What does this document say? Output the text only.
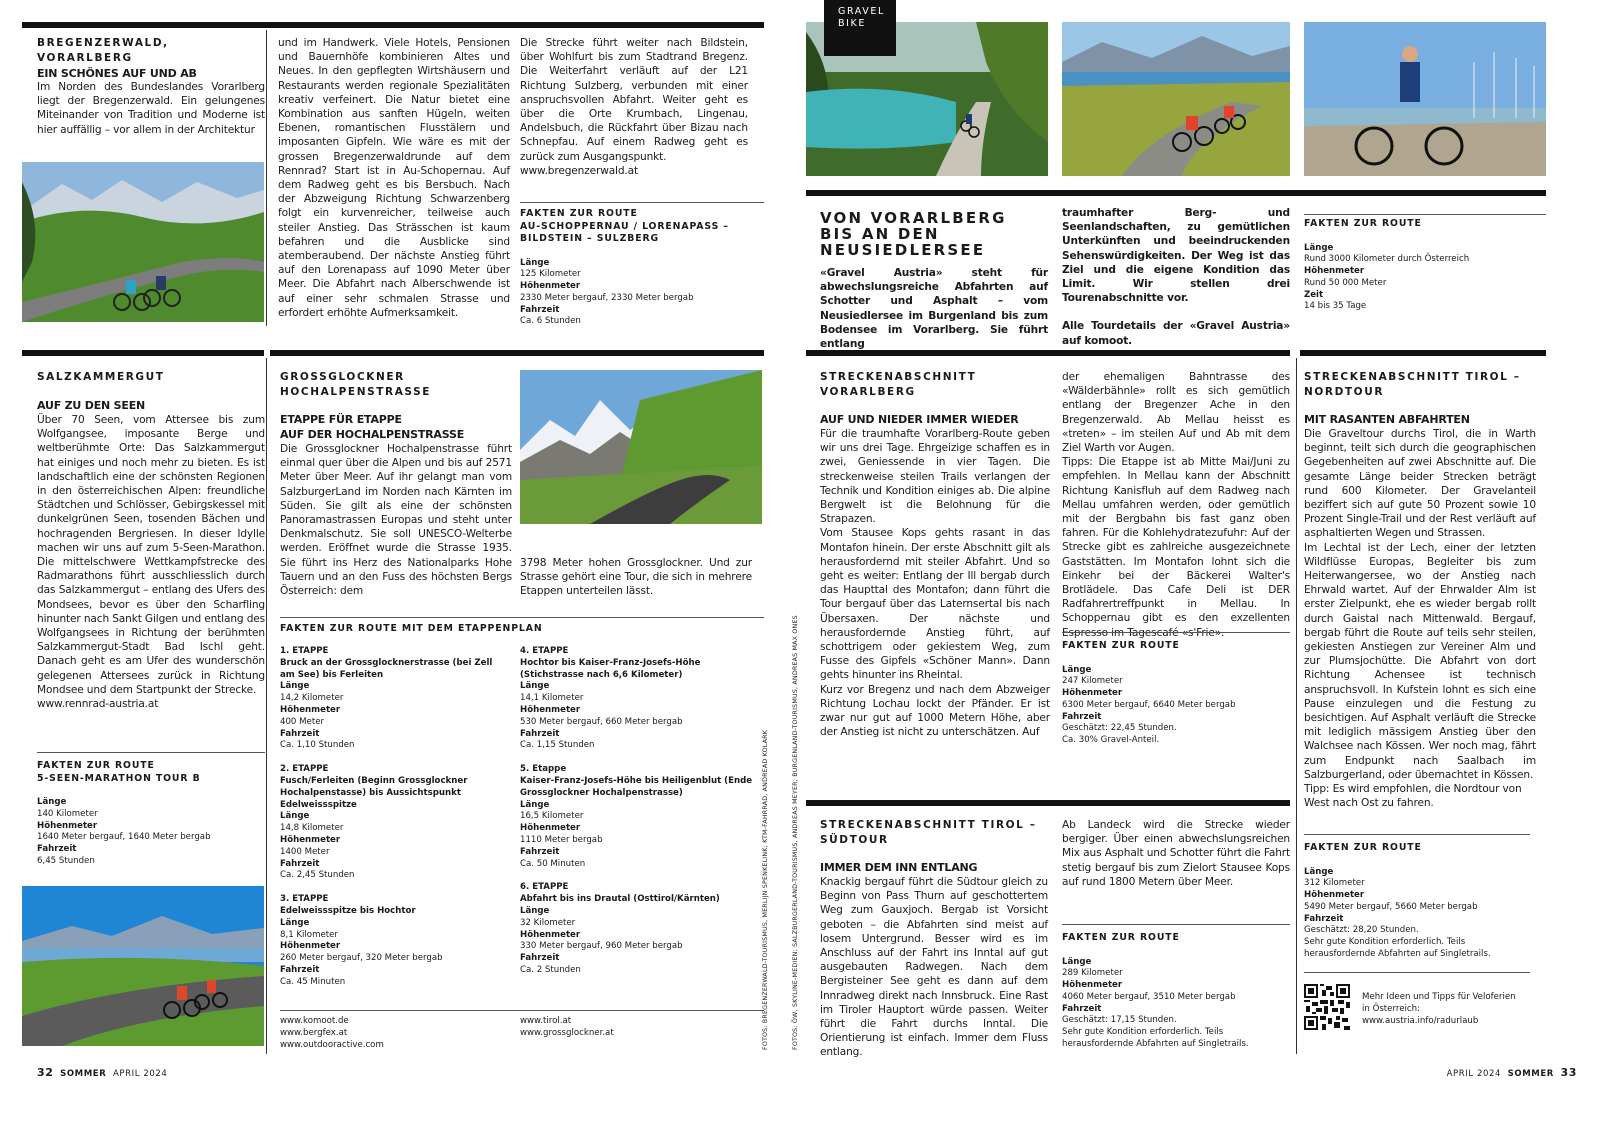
BREGENZERWALD, VORARLBERG
EIN SCHÖNES AUF UND AB
Im Norden des Bundeslandes Vorarlberg liegt der Bregenzerwald. Ein gelungenes Miteinander von Tradition und Moderne ist hier auffällig – vor allem in der Architektur
und im Handwerk. Viele Hotels, Pensionen und Bauernhöfe kombinieren Altes und Neues. In den gepflegten Wirtshäusern und Restaurants werden regionale Spezialitäten kreativ verfeinert. Die Natur bietet eine Kombination aus sanften Hügeln, weiten Ebenen, romantischen Flusstälern und imposanten Gipfeln. Wie wäre es mit der grossen Bregenzerwaldrunde auf dem Rennrad? Start ist in Au-Schopernau. Auf dem Radweg geht es bis Bersbuch. Nach der Abzweigung Richtung Schwarzenberg folgt ein kurvenreicher, teilweise auch steiler Anstieg. Das Strässchen ist kaum befahren und die Ausblicke sind atemberaubend. Der nächste Anstieg führt auf den Lorenapass auf 1090 Meter über Meer. Die Abfahrt nach Alberschwende ist auf einer sehr schmalen Strasse und erfordert erhöhte Aufmerksamkeit.
Die Strecke führt weiter nach Bildstein, über Wohlfurt bis zum Stadtrand Bregenz. Die Weiterfahrt verläuft auf der L21 Richtung Sulzberg, verbunden mit einer anspruchsvollen Abfahrt. Weiter geht es über die Orte Krumbach, Lingenau, Andelsbuch, die Rückfahrt über Bizau nach Schnepfau. Auf einem Radweg geht es zurück zum Ausgangspunkt.
www.bregenzerwald.at
FAKTEN ZUR ROUTE
AU-SCHOPPERNAU / LORENAPASS –
BILDSTEIN – SULZBERG
Länge
125 Kilometer
Höhenmeter
2330 Meter bergauf, 2330 Meter bergab
Fahrzeit
Ca. 6 Stunden
SALZKAMMERGUT
AUF ZU DEN SEEN
Über 70 Seen, vom Attersee bis zum Wolfgangsee, imposante Berge und weltberühmte Orte: Das Salzkammergut hat einiges und noch mehr zu bieten. Es ist landschaftlich eine der schönsten Regionen in den österreichischen Alpen: freundliche Städtchen und Schlösser, Gebirgskessel mit dunkelgrünen Seen, tosenden Bächen und hochragenden Bergriesen. In dieser Idylle machen wir uns auf zum 5-Seen-Marathon. Die mittelschwere Wettkampfstrecke des Radmarathons führt ausschliesslich durch das Salzkammergut – entlang des Ufers des Mondsees, bevor es über den Scharfling hinunter nach Sankt Gilgen und entlang des Wolfgangsees in Richtung der berühmten Salzkammergut-Stadt Bad Ischl geht. Danach geht es am Ufer des wunderschön gelegenen Attersees zurück in Richtung Mondsee und dem Startpunkt der Strecke.
www.rennrad-austria.at
FAKTEN ZUR ROUTE
5-SEEN-MARATHON TOUR B
Länge
140 Kilometer
Höhenmeter
1640 Meter bergauf, 1640 Meter bergab
Fahrzeit
6,45 Stunden
GROSSGLOCKNER
HOCHALPENSTRASSE
ETAPPE FÜR ETAPPE
AUF DER HOCHALPENSTRASSE
Die Grossglockner Hochalpenstrasse führt einmal quer über die Alpen und bis auf 2571 Meter über Meer. Auf ihr gelangt man vom SalzburgerLand im Norden nach Kärnten im Süden. Sie gilt als eine der schönsten Panoramastrassen Europas und steht unter Denkmalschutz. Sie soll UNESCO-Welterbe werden. Eröffnet wurde die Strasse 1935. Sie führt ins Herz des Nationalparks Hohe Tauern und an den Fuss des höchsten Bergs Österreich: dem
3798 Meter hohen Grossglockner. Und zur Strasse gehört eine Tour, die sich in mehrere Etappen unterteilen lässt.
FAKTEN ZUR ROUTE MIT DEM ETAPPENPLAN
1. ETAPPE
Bruck an der Grossglocknerstrasse (bei Zell am See) bis Ferleiten
Länge
14,2 Kilometer
Höhenmeter
400 Meter
Fahrzeit
Ca. 1,10 Stunden
2. ETAPPE
Fusch/Ferleiten (Beginn Grossglockner Hochalpenstasse) bis Aussichtspunkt Edelweissspitze
Länge
14,8 Kilometer
Höhenmeter
1400 Meter
Fahrzeit
Ca. 2,45 Stunden
3. ETAPPE
Edelweissspitze bis Hochtor
Länge
8,1 Kilometer
Höhenmeter
260 Meter bergauf, 320 Meter bergab
Fahrzeit
Ca. 45 Minuten
4. ETAPPE
Hochtor bis Kaiser-Franz-Josefs-Höhe (Stichstrasse nach 6,6 Kilometer)
Länge
14,1 Kilometer
Höhenmeter
530 Meter bergauf, 660 Meter bergab
Fahrzeit
Ca. 1,15 Stunden
5. Etappe
Kaiser-Franz-Josefs-Höhe bis Heiligenblut (Ende Grossglockner Hochalpenstrasse)
Länge
16,5 Kilometer
Höhenmeter
1110 Meter bergab
Fahrzeit
Ca. 50 Minuten
6. ETAPPE
Abfahrt bis ins Drautal (Osttirol/Kärnten)
Länge
32 Kilometer
Höhenmeter
330 Meter bergauf, 960 Meter bergab
Fahrzeit
Ca. 2 Stunden
www.komoot.de
www.bergfex.at
www.outdooractive.com
www.tirol.at
www.grossglockner.at	FOTOS: BREGENZERWALD-TOURISMUS, MERLIJN SPENKELINK; KTM-FAHRRAD, ANDREAD KOLARK
32 SOMMER APRIL 2024
GRAVEL
BIKE
VON VORARLBERG
BIS AN DEN
NEUSIEDLERSEE
«Gravel Austria» steht für abwechslungsreiche Abfahrten auf Schotter und Asphalt – vom Neusiedlersee im Burgenland bis zum Bodensee im Vorarlberg. Sie führt entlang
traumhafter Berg- und Seenlandschaften, zu gemütlichen Unterkünften und beeindruckenden Sehenswürdigkeiten. Der Weg ist das Ziel und die eigene Kondition das Limit. Wir stellen drei Tourenabschnitte vor.
Alle Tourdetails der «Gravel Austria» auf komoot.
FAKTEN ZUR ROUTE
Länge
Rund 3000 Kilometer durch Österreich
Höhenmeter
Rund 50 000 Meter
Zeit
14 bis 35 Tage
STRECKENABSCHNITT
VORARLBERG
AUF UND NIEDER IMMER WIEDER
Für die traumhafte Vorarlberg-Route geben wir uns drei Tage. Ehrgeizige schaffen es in zwei, Geniessende in vier Tagen. Die streckenweise steilen Trails verlangen der Technik und Kondition einiges ab. Die alpine Bergwelt ist die Belohnung für die Strapazen.
Vom Stausee Kops gehts rasant in das Montafon hinein. Der erste Abschnitt gilt als herausfordernd mit steiler Abfahrt. Und so geht es weiter: Entlang der Ill bergab durch das Haupttal des Montafon; dann führt die Tour bergauf über das Laternsertal bis nach Übersaxen. Der nächste und herausfordernde Anstieg führt, auf schottrigem oder gekiestem Weg, zum Fusse des Gipfels «Schöner Mann». Dann gehts hinunter ins Rheintal.
Kurz vor Bregenz und nach dem Abzweiger Richtung Lochau lockt der Pfänder. Er ist zwar nur gut auf 1000 Metern Höhe, aber der Anstieg ist nicht zu unterschätzen. Auf
der ehemaligen Bahntrasse des «Wälderbähnle» rollt es sich gemütlich entlang der Bregenzer Ache in den Bregenzerwald. Ab Mellau heisst es «treten» – im steilen Auf und Ab mit dem Ziel Warth vor Augen.
Tipps: Die Etappe ist ab Mitte Mai/Juni zu empfehlen. In Mellau kann der Abschnitt Richtung Kanisfluh auf dem Radweg nach Mellau umfahren werden, oder gemütlich mit der Bergbahn bis fast ganz oben fahren. Für die Kohlehydratezufuhr: Auf der Strecke gibt es zahlreiche ausgezeichnete Gaststätten. Im Montafon lohnt sich die Einkehr bei der Bäckerei Walter's Brotlädele. Das Cafe Deli ist DER Radfahrertreffpunkt in Mellau. In Schoppernau gibt es den exzellenten
FAKTEN ZUR ROUTE
Länge
247 Kilometer
Höhenmeter
6300 Meter bergauf, 6640 Meter bergab
Fahrzeit
Geschätzt: 22,45 Stunden.
Ca. 30% Gravel-Anteil.
STRECKENABSCHNITT TIROL –
SÜDTOUR
IMMER DEM INN ENTLANG
Knackig bergauf führt die Südtour gleich zu Beginn von Pass Thurn auf geschottertem Weg zum Gauxjoch. Bergab ist Vorsicht geboten – die Abfahrten sind meist auf losem Untergrund. Besser wird es im Anschluss auf der Fahrt ins Inntal auf gut ausgebauten Radwegen. Nach dem Bergisteiner See geht es dann auf dem Innradweg direkt nach Innsbruck. Eine Rast im Tiroler Hauptort würde passen. Weiter führt die Fahrt durchs Inntal. Die Orientierung ist einfach. Immer dem Fluss entlang.
Ab Landeck wird die Strecke wieder bergiger. Über einen abwechslungsreichen Mix aus Asphalt und Schotter führt die Fahrt stetig bergauf bis zum Zielort Stausee Kops auf rund 1800 Metern über Meer.
FAKTEN ZUR ROUTE
Länge
289 Kilometer
Höhenmeter
4060 Meter bergauf, 3510 Meter bergab
Fahrzeit
Geschätzt: 17,15 Stunden.
Sehr gute Kondition erforderlich. Teils herausfordernde Abfahrten auf Singletrails.
STRECKENABSCHNITT TIROL –
NORDTOUR
MIT RASANTEN ABFAHRTEN
Die Graveltour durchs Tirol, die in Warth beginnt, teilt sich durch die geographischen Gegebenheiten auf zwei Abschnitte auf. Die gesamte Länge beider Strecken beträgt rund 600 Kilometer. Der Gravelanteil beziffert sich auf gute 50 Prozent sowie 10 Prozent Single-Trail und der Rest verläuft auf asphaltierten Wegen und Strassen.
Im Lechtal ist der Lech, einer der letzten Wildflüsse Europas, Begleiter bis zum Heiterwangersee, wo der Anstieg nach Ehrwald wartet. Auf der Ehrwalder Alm ist erster Zielpunkt, ehe es wieder bergab rollt durch Gaistal nach Mittenwald. Bergauf, bergab führt die Route auf teils sehr steilen, gekiesten Anstiegen zur Vereiner Alm und zur Plumsjochütte. Die Abfahrt von dort Richtung Achensee ist technisch anspruchsvoll. In Kufstein lohnt es sich eine Pause einzulegen und die Festung zu besichtigen. Auf Asphalt verläuft die Strecke mit lediglich mässigem Anstieg über den Walchsee nach Kössen. Wer noch mag, fährt zum Endpunkt nach Saalbach im Salzburgerland, oder übernachtet in Kössen.
Tipp: Es wird empfohlen, die Nordtour von West nach Ost zu fahren.
FAKTEN ZUR ROUTE
Länge
312 Kilometer
Höhenmeter
5490 Meter bergauf, 5660 Meter bergab
Fahrzeit
Geschätzt: 28,20 Stunden.
Sehr gute Kondition erforderlich. Teils herausfordernde Abfahrten auf Singletrails.
Mehr Ideen und Tipps für Veloferien
in Österreich:
www.austria.info/radurlaub
FOTOS: ÖW, SKYLINE-MEDIEN; SALZBURGERLAND-TOURISMUS, ANDREAS MEYER; BURGENLAND-TOURISMUS, ANDREAS MAX ONES
APRIL 2024 SOMMER 33
